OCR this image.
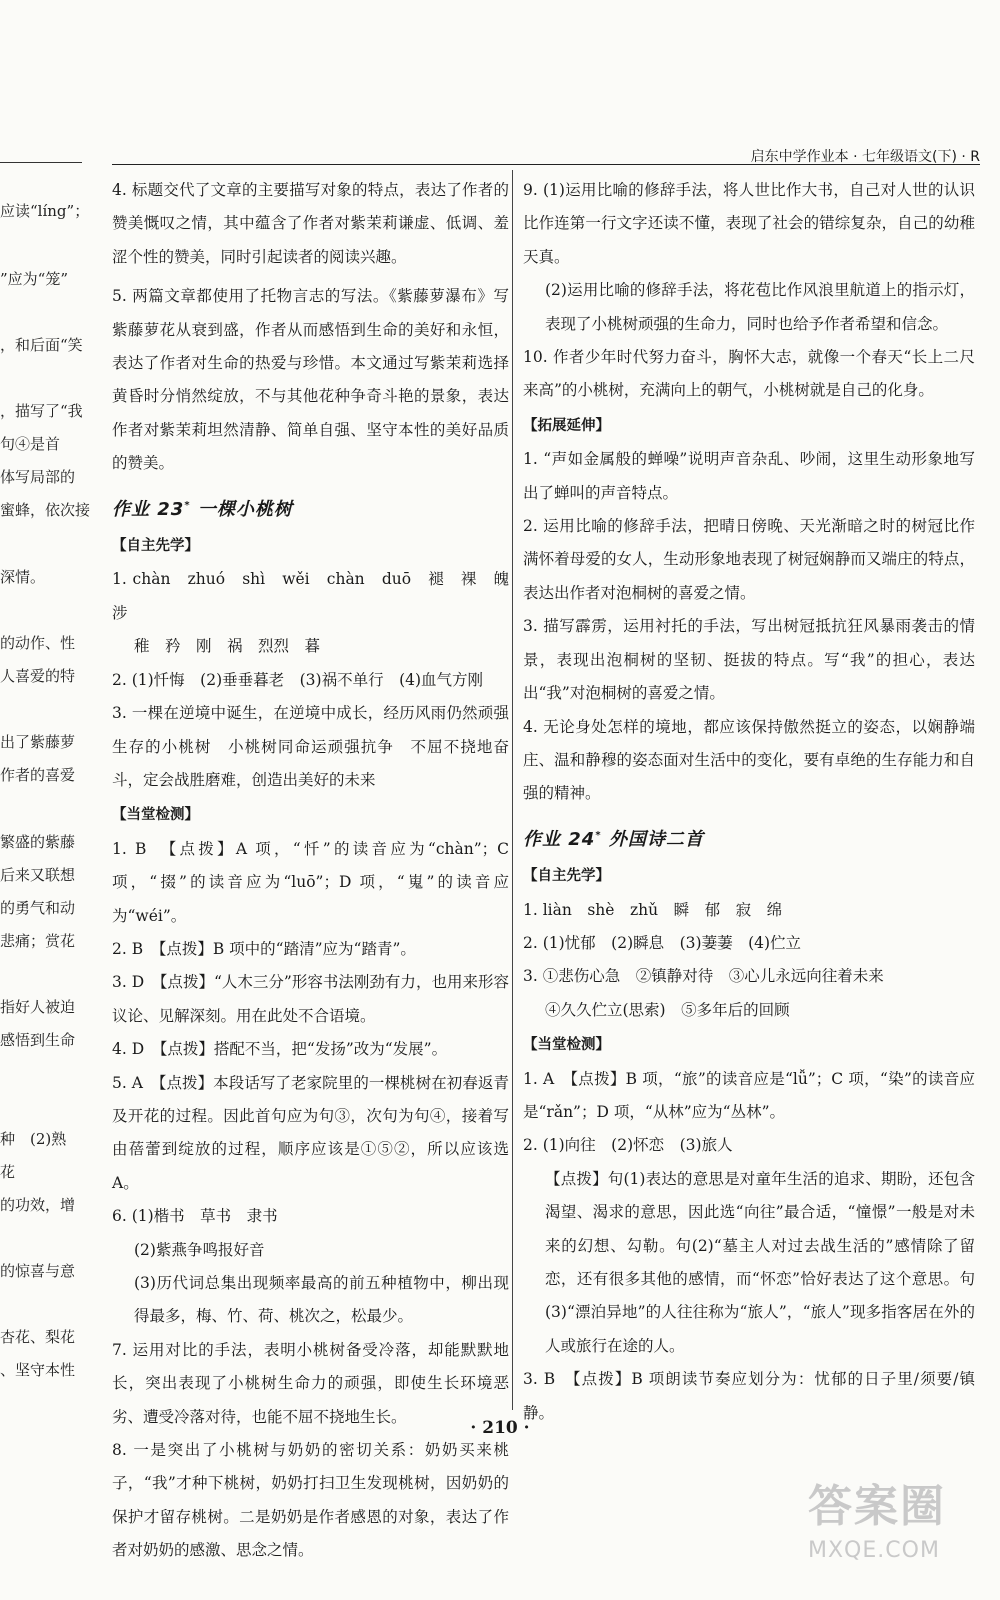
应读“líng”；
”应为“笼”
，和后面“笑
，描写了“我
句④是首
体写局部的
蜜蜂，依次接
深情。
的动作、性
人喜爱的特
出了紫藤萝
作者的喜爱
繁盛的紫藤
后来又联想
的勇气和动
悲痛；赏花
指好人被迫
感悟到生命
种　(2)熟
花
的功效，增
的惊喜与意
杏花、梨花
、坚守本性
启东中学作业本 · 七年级语文(下) · R

4. 标题交代了文章的主要描写对象的特点，表达了作者的赞美慨叹之情，其中蕴含了作者对紫茉莉谦虚、低调、羞涩个性的赞美，同时引起读者的阅读兴趣。

5. 两篇文章都使用了托物言志的写法。《紫藤萝瀑布》写紫藤萝花从衰到盛，作者从而感悟到生命的美好和永恒，表达了作者对生命的热爱与珍惜。本文通过写紫茉莉选择黄昏时分悄然绽放，不与其他花种争奇斗艳的景象，表达作者对紫茉莉坦然清静、简单自强、坚守本性的美好品质的赞美。

作业 23* 一棵小桃树
【自主先学】

1. chàn　zhuó　shì　wěi　chàn　duō　褪　裸　魄　涉

稚　矜　刚　祸　烈烈　暮

2. (1)忏悔　(2)垂垂暮老　(3)祸不单行　(4)血气方刚

3. 一棵在逆境中诞生，在逆境中成长，经历风雨仍然顽强生存的小桃树　小桃树同命运顽强抗争　不屈不挠地奋斗，定会战胜磨难，创造出美好的未来

【当堂检测】

1. B　【点拨】A 项，“忏”的读音应为“chàn”；C 项，“掇”的读音应为“luō”；D 项，“嵬”的读音应为“wéi”。

2. B　【点拨】B 项中的“踏清”应为“踏青”。

3. D　【点拨】“人木三分”形容书法刚劲有力，也用来形容议论、见解深刻。用在此处不合语境。

4. D　【点拨】搭配不当，把“发扬”改为“发展”。

5. A　【点拨】本段话写了老家院里的一棵桃树在初春返青及开花的过程。因此首句应为句③，次句为句④，接着写由蓓蕾到绽放的过程，顺序应该是①⑤②，所以应该选 A。

6. (1)楷书　草书　隶书

(2)紫燕争鸣报好音

(3)历代词总集出现频率最高的前五种植物中，柳出现得最多，梅、竹、荷、桃次之，松最少。

7. 运用对比的手法，表明小桃树备受冷落，却能默默地长，突出表现了小桃树生命力的顽强，即使生长环境恶劣、遭受冷落对待，也能不屈不挠地生长。

8. 一是突出了小桃树与奶奶的密切关系：奶奶买来桃子，“我”才种下桃树，奶奶打扫卫生发现桃树，因奶奶的保护才留存桃树。二是奶奶是作者感恩的对象，表达了作者对奶奶的感激、思念之情。

9. (1)运用比喻的修辞手法，将人世比作大书，自己对人世的认识比作连第一行文字还读不懂，表现了社会的错综复杂，自己的幼稚天真。

(2)运用比喻的修辞手法，将花苞比作风浪里航道上的指示灯，表现了小桃树顽强的生命力，同时也给予作者希望和信念。

10. 作者少年时代努力奋斗，胸怀大志，就像一个春天“长上二尺来高”的小桃树，充满向上的朝气，小桃树就是自己的化身。

【拓展延伸】

1. “声如金属般的蝉噪”说明声音杂乱、吵闹，这里生动形象地写出了蝉叫的声音特点。

2. 运用比喻的修辞手法，把晴日傍晚、天光渐暗之时的树冠比作满怀着母爱的女人，生动形象地表现了树冠娴静而又端庄的特点，表达出作者对泡桐树的喜爱之情。

3. 描写霹雳，运用衬托的手法，写出树冠抵抗狂风暴雨袭击的情景，表现出泡桐树的坚韧、挺拔的特点。写“我”的担心，表达出“我”对泡桐树的喜爱之情。

4. 无论身处怎样的境地，都应该保持傲然挺立的姿态，以娴静端庄、温和静穆的姿态面对生活中的变化，要有卓绝的生存能力和自强的精神。

作业 24* 外国诗二首
【自主先学】

1. liàn　shè　zhǔ　瞬　郁　寂　绵

2. (1)忧郁　(2)瞬息　(3)萋萋　(4)伫立

3. ①悲伤心急　②镇静对待　③心儿永远向往着未来

④久久伫立(思索)　⑤多年后的回顾

【当堂检测】

1. A　【点拨】B 项，“旅”的读音应是“lǚ”；C 项，“染”的读音应是“rǎn”；D 项，“从林”应为“丛林”。

2. (1)向往　(2)怀恋　(3)旅人

【点拨】句(1)表达的意思是对童年生活的追求、期盼，还包含渴望、渴求的意思，因此选“向往”最合适，“憧憬”一般是对未来的幻想、勾勒。句(2)“墓主人对过去战生活的”感情除了留恋，还有很多其他的感情，而“怀恋”恰好表达了这个意思。句(3)“漂泊异地”的人往往称为“旅人”，“旅人”现多指客居在外的人或旅行在途的人。

3. B　【点拨】B 项朗读节奏应划分为：忧郁的日子里/须要/镇静。

· 210 ·
答案圈
MXQE.COM
